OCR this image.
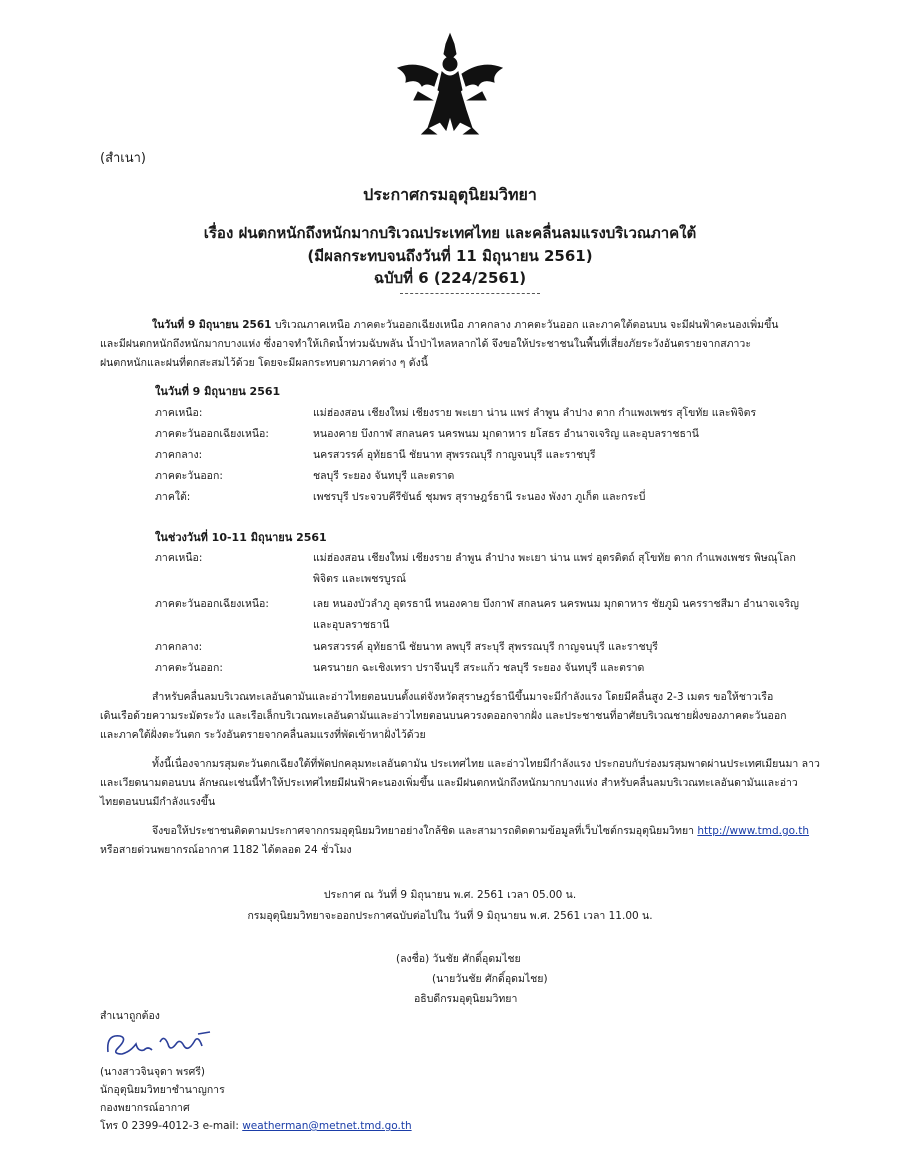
(สำเนา)
ประกาศกรมอุตุนิยมวิทยา
เรื่อง ฝนตกหนักถึงหนักมากบริเวณประเทศไทย และคลื่นลมแรงบริเวณภาคใต้
(มีผลกระทบจนถึงวันที่ 11 มิถุนายน 2561)
ฉบับที่ 6 (224/2561)
ในวันที่ 9 มิถุนายน 2561 บริเวณภาคเหนือ ภาคตะวันออกเฉียงเหนือ ภาคกลาง ภาคตะวันออก และภาคใต้ตอนบน จะมีฝนฟ้าคะนองเพิ่มขึ้น
และมีฝนตกหนักถึงหนักมากบางแห่ง ซึ่งอาจทำให้เกิดน้ำท่วมฉับพลัน น้ำป่าไหลหลากได้ จึงขอให้ประชาชนในพื้นที่เสี่ยงภัยระวังอันตรายจากสภาวะ
ฝนตกหนักและฝนที่ตกสะสมไว้ด้วย โดยจะมีผลกระทบตามภาคต่าง ๆ ดังนี้
ในวันที่ 9 มิถุนายน 2561
ภาคเหนือ:	แม่ฮ่องสอน เชียงใหม่ เชียงราย พะเยา น่าน แพร่ ลำพูน ลำปาง ตาก กำแพงเพชร สุโขทัย และพิจิตร
ภาคตะวันออกเฉียงเหนือ:	หนองคาย บึงกาฬ สกลนคร นครพนม มุกดาหาร ยโสธร อำนาจเจริญ และอุบลราชธานี
ภาคกลาง:	นครสวรรค์ อุทัยธานี ชัยนาท สุพรรณบุรี กาญจนบุรี และราชบุรี
ภาคตะวันออก:	ชลบุรี ระยอง จันทบุรี และตราด
ภาคใต้:	เพชรบุรี ประจวบคีรีขันธ์ ชุมพร สุราษฎร์ธานี ระนอง พังงา ภูเก็ต และกระบี่
ในช่วงวันที่ 10-11 มิถุนายน 2561
ภาคเหนือ:	แม่ฮ่องสอน เชียงใหม่ เชียงราย ลำพูน ลำปาง พะเยา น่าน แพร่ อุตรดิตถ์ สุโขทัย ตาก กำแพงเพชร พิษณุโลก
พิจิตร และเพชรบูรณ์
ภาคตะวันออกเฉียงเหนือ:	เลย หนองบัวลำภู อุดรธานี หนองคาย บึงกาฬ สกลนคร นครพนม มุกดาหาร ชัยภูมิ นครราชสีมา อำนาจเจริญ
และอุบลราชธานี
ภาคกลาง:	นครสวรรค์ อุทัยธานี ชัยนาท ลพบุรี สระบุรี สุพรรณบุรี กาญจนบุรี และราชบุรี
ภาคตะวันออก:	นครนายก ฉะเชิงเทรา ปราจีนบุรี สระแก้ว ชลบุรี ระยอง จันทบุรี และตราด
สำหรับคลื่นลมบริเวณทะเลอันดามันและอ่าวไทยตอนบนตั้งแต่จังหวัดสุราษฎร์ธานีขึ้นมาจะมีกำลังแรง โดยมีคลื่นสูง 2-3 เมตร ขอให้ชาวเรือ
เดินเรือด้วยความระมัดระวัง และเรือเล็กบริเวณทะเลอันดามันและอ่าวไทยตอนบนควรงดออกจากฝั่ง และประชาชนที่อาศัยบริเวณชายฝั่งของภาคตะวันออก
และภาคใต้ฝั่งตะวันตก ระวังอันตรายจากคลื่นลมแรงที่พัดเข้าหาฝั่งไว้ด้วย
ทั้งนี้เนื่องจากมรสุมตะวันตกเฉียงใต้ที่พัดปกคลุมทะเลอันดามัน ประเทศไทย และอ่าวไทยมีกำลังแรง ประกอบกับร่องมรสุมพาดผ่านประเทศเมียนมา ลาว
และเวียดนามตอนบน ลักษณะเช่นนี้ทำให้ประเทศไทยมีฝนฟ้าคะนองเพิ่มขึ้น และมีฝนตกหนักถึงหนักมากบางแห่ง สำหรับคลื่นลมบริเวณทะเลอันดามันและอ่าว
ไทยตอนบนมีกำลังแรงขึ้น
จึงขอให้ประชาชนติดตามประกาศจากกรมอุตุนิยมวิทยาอย่างใกล้ชิด และสามารถติดตามข้อมูลที่เว็บไซต์กรมอุตุนิยมวิทยา http://www.tmd.go.th
หรือสายด่วนพยากรณ์อากาศ 1182 ได้ตลอด 24 ชั่วโมง
ประกาศ ณ วันที่ 9 มิถุนายน พ.ศ. 2561 เวลา 05.00 น.
กรมอุตุนิยมวิทยาจะออกประกาศฉบับต่อไปใน วันที่ 9 มิถุนายน พ.ศ. 2561 เวลา 11.00 น.
(ลงชื่อ) วันชัย ศักดิ์อุดมไชย
(นายวันชัย ศักดิ์อุดมไชย)
อธิบดีกรมอุตุนิยมวิทยา
สำเนาถูกต้อง
(นางสาวจินจุดา พรศรี)
นักอุตุนิยมวิทยาชำนาญการ
กองพยากรณ์อากาศ
โทร 0 2399-4012-3 e-mail: weatherman@metnet.tmd.go.th
